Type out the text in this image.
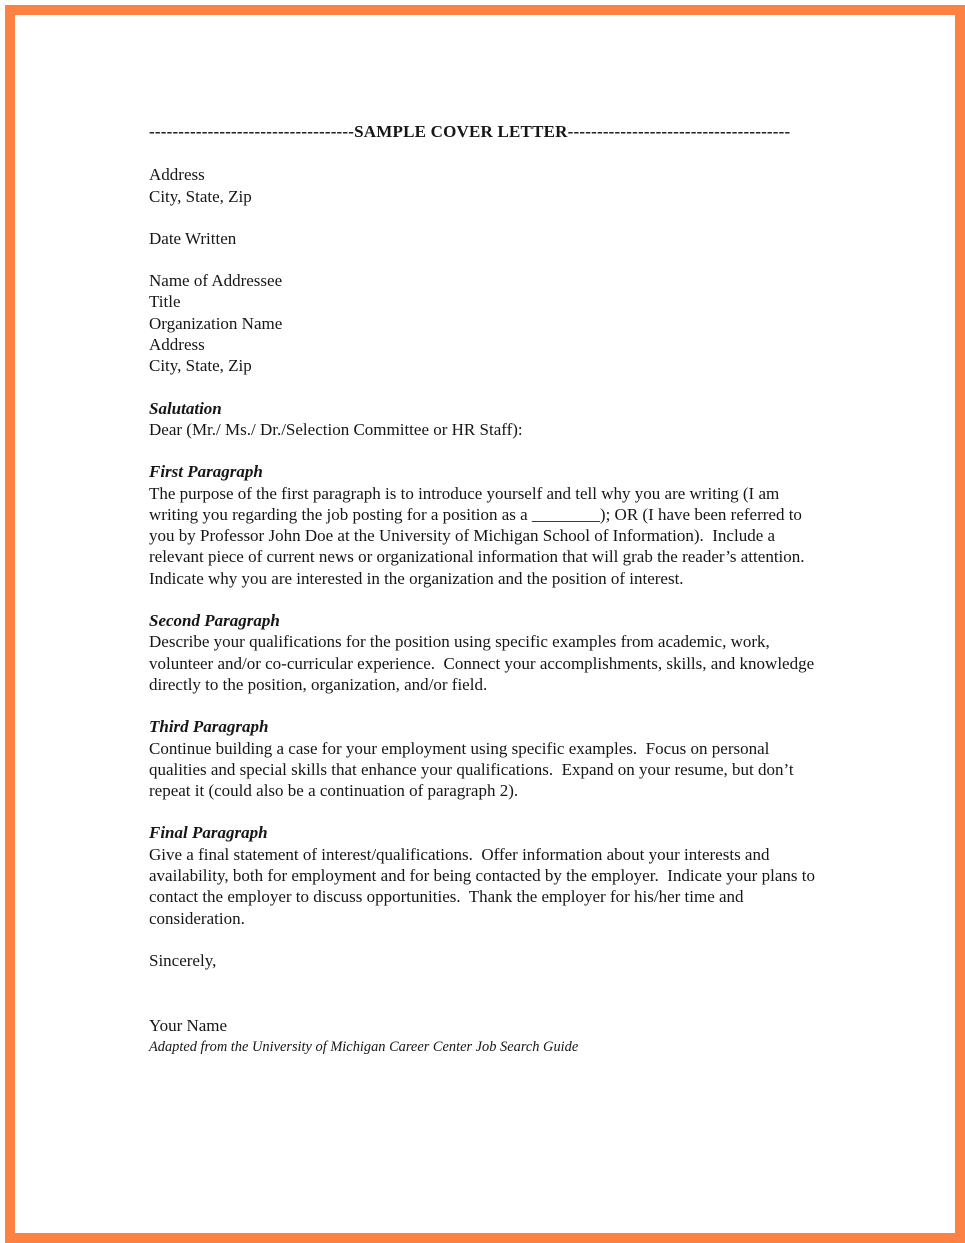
-----------------------------------SAMPLE COVER LETTER--------------------------------------
Address
City, State, Zip
Date Written
Name of Addressee
Title
Organization Name
Address
City, State, Zip
Salutation
Dear (Mr./ Ms./ Dr./Selection Committee or HR Staff):
First Paragraph
The purpose of the first paragraph is to introduce yourself and tell why you are writing (I am writing you regarding the job posting for a position as a ________); OR (I have been referred to you by Professor John Doe at the University of Michigan School of Information).  Include a relevant piece of current news or organizational information that will grab the reader’s attention.  Indicate why you are interested in the organization and the position of interest.
Second Paragraph
Describe your qualifications for the position using specific examples from academic, work, volunteer and/or co-curricular experience.  Connect your accomplishments, skills, and knowledge directly to the position, organization, and/or field.
Third Paragraph
Continue building a case for your employment using specific examples.  Focus on personal qualities and special skills that enhance your qualifications.  Expand on your resume, but don’t repeat it (could also be a continuation of paragraph 2).
Final Paragraph
Give a final statement of interest/qualifications.  Offer information about your interests and availability, both for employment and for being contacted by the employer.  Indicate your plans to contact the employer to discuss opportunities.  Thank the employer for his/her time and consideration.
Sincerely,
Your Name
Adapted from the University of Michigan Career Center Job Search Guide
